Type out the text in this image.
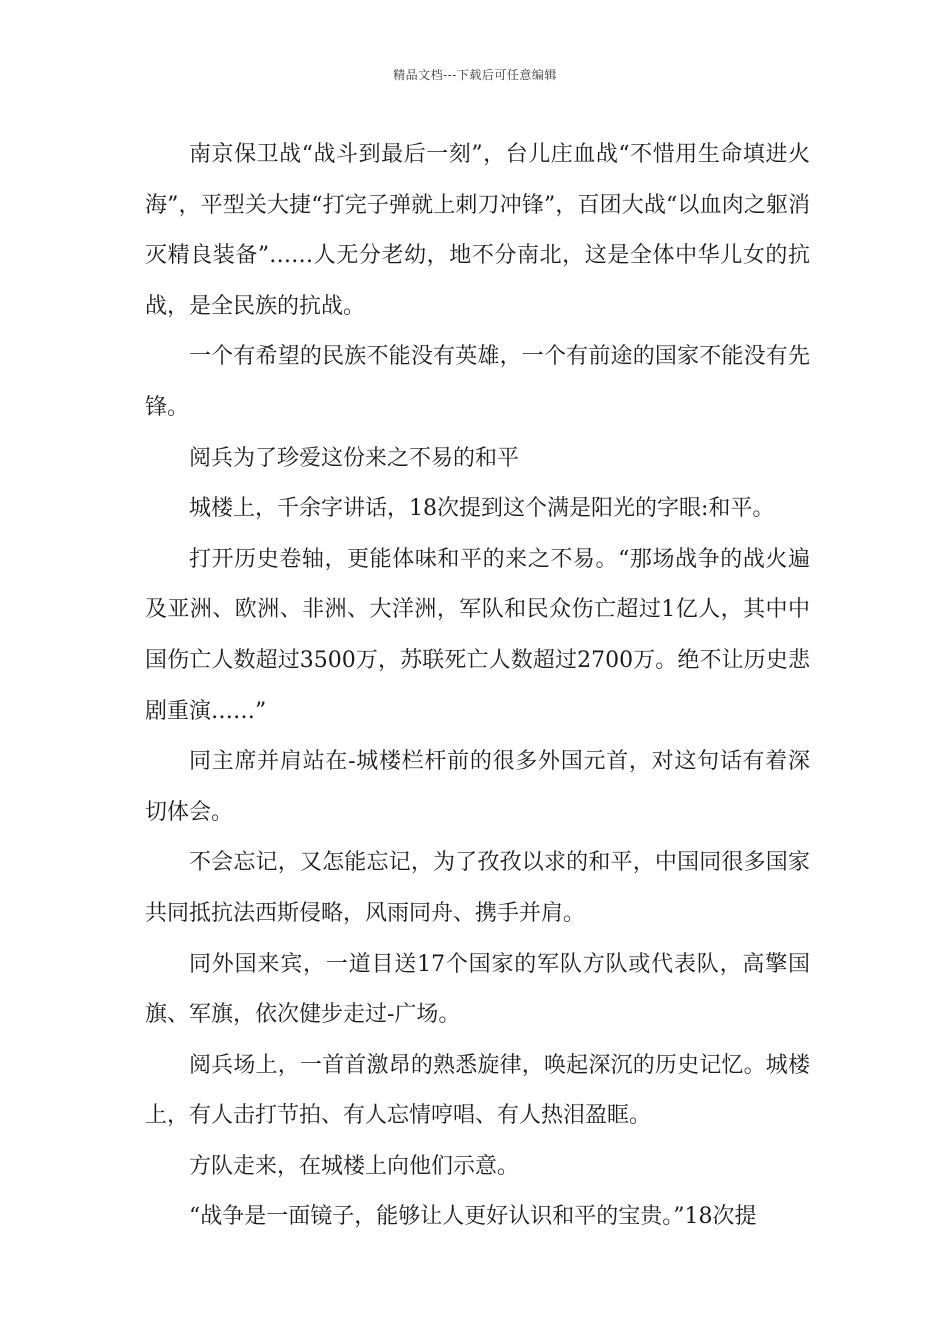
精品文档---下载后可任意编辑

南京保卫战“战斗到最后一刻”，台儿庄血战“不惜用生命填进火海”，平型关大捷“打完子弹就上刺刀冲锋”，百团大战“以血肉之躯消灭精良装备”……人无分老幼，地不分南北，这是全体中华儿女的抗战，是全民族的抗战。

一个有希望的民族不能没有英雄，一个有前途的国家不能没有先锋。

阅兵为了珍爱这份来之不易的和平

城楼上，千余字讲话，18次提到这个满是阳光的字眼:和平。

打开历史卷轴，更能体味和平的来之不易。“那场战争的战火遍及亚洲、欧洲、非洲、大洋洲，军队和民众伤亡超过1亿人，其中中国伤亡人数超过3500万，苏联死亡人数超过2700万。绝不让历史悲剧重演……”

同主席并肩站在-城楼栏杆前的很多外国元首，对这句话有着深切体会。

不会忘记，又怎能忘记，为了孜孜以求的和平，中国同很多国家共同抵抗法西斯侵略，风雨同舟、携手并肩。

同外国来宾，一道目送17个国家的军队方队或代表队，高擎国旗、军旗，依次健步走过-广场。

阅兵场上，一首首激昂的熟悉旋律，唤起深沉的历史记忆。城楼上，有人击打节拍、有人忘情哼唱、有人热泪盈眶。

方队走来，在城楼上向他们示意。

“战争是一面镜子，能够让人更好认识和平的宝贵。”18次提
